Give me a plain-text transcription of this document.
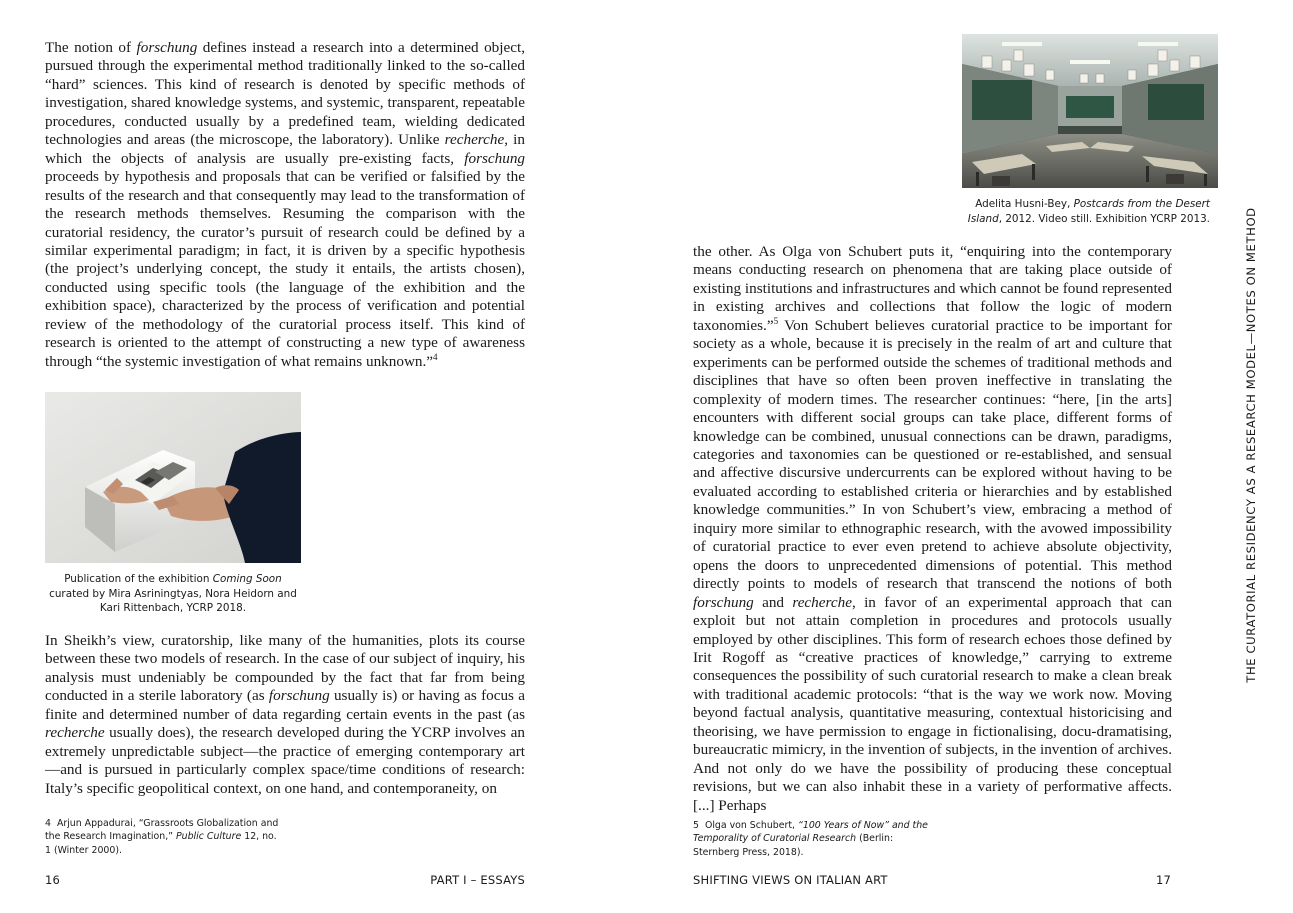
The notion of forschung defines instead a research into a determined object, pursued through the experimental method traditionally linked to the so-called “hard” sciences. This kind of research is denoted by specific methods of investigation, shared knowledge systems, and systemic, transparent, repeatable procedures, conducted usually by a predefined team, wielding dedicated technologies and areas (the microscope, the laboratory). Unlike recherche, in which the objects of analysis are usually pre-existing facts, forschung proceeds by hypothesis and proposals that can be verified or falsified by the results of the research and that consequently may lead to the transformation of the research methods themselves. Resuming the comparison with the curatorial residency, the curator’s pursuit of research could be defined by a similar experimental paradigm; in fact, it is driven by a specific hypothesis (the project’s underlying concept, the study it entails, the artists chosen), conducted using specific tools (the language of the exhibition and the exhibition space), characterized by the process of verification and potential review of the methodology of the curatorial process itself. This kind of research is oriented to the attempt of constructing a new type of awareness through “the systemic investigation of what remains unknown.”$^4$

Publication of the exhibition Coming Soon curated by Mira Asriningtyas, Nora Heidorn and Kari Rittenbach, YCRP 2018.

In Sheikh’s view, curatorship, like many of the humanities, plots its course between these two models of research. In the case of our subject of inquiry, his analysis must undeniably be compounded by the fact that far from being conducted in a sterile laboratory (as forschung usually is) or having as focus a finite and determined number of data regarding certain events in the past (as recherche usually does), the research developed during the YCRP involves an extremely unpredictable subject—the practice of emerging contemporary art—and is pursued in particularly complex space/time conditions of research: Italy’s specific geopolitical context, on one hand, and contemporaneity, on

4 Arjun Appadurai, “Grassroots Globalization and the Research Imagination,” Public Culture 12, no. 1 (Winter 2000).

16	PART I – ESSAYS

Adelita Husni-Bey, Postcards from the Desert Island, 2012. Video still. Exhibition YCRP 2013.

the other. As Olga von Schubert puts it, “enquiring into the contemporary means conducting research on phenomena that are taking place outside of existing institutions and infrastructures and which cannot be found represented in existing archives and collections that follow the logic of modern taxonomies.”$^5$ Von Schubert believes curatorial practice to be important for society as a whole, because it is precisely in the realm of art and culture that experiments can be performed outside the schemes of traditional methods and disciplines that have so often been proven ineffective in translating the complexity of modern times. The researcher continues: “here, [in the arts] encounters with different social groups can take place, different forms of knowledge can be combined, unusual connections can be drawn, paradigms, categories and taxonomies can be questioned or re-established, and sensual and affective discursive undercurrents can be explored without having to be evaluated according to established criteria or hierarchies and by established knowledge communities.” In von Schubert’s view, embracing a method of inquiry more similar to ethnographic research, with the avowed impossibility of curatorial practice to ever even pretend to achieve absolute objectivity, opens the doors to unprecedented dimensions of potential. This method directly points to models of research that transcend the notions of both forschung and recherche, in favor of an experimental approach that can exploit but not attain completion in procedures and protocols usually employed by other disciplines. This form of research echoes those defined by Irit Rogoff as “creative practices of knowledge,” carrying to extreme consequences the possibility of such curatorial research to make a clean break with traditional academic protocols: “that is the way we work now. Moving beyond factual analysis, quantitative measuring, contextual historicising and theorising, we have permission to engage in fictionalising, docu-dramatising, bureaucratic mimicry, in the invention of subjects, in the invention of archives. And not only do we have the possibility of producing these conceptual revisions, but we can also inhabit these in a variety of performative affects. [...] Perhaps

5 Olga von Schubert, “100 Years of Now” and the Temporality of Curatorial Research (Berlin: Sternberg Press, 2018).

SHIFTING VIEWS ON ITALIAN ART	17

THE CURATORIAL RESIDENCY AS A RESEARCH MODEL—NOTES ON METHOD
